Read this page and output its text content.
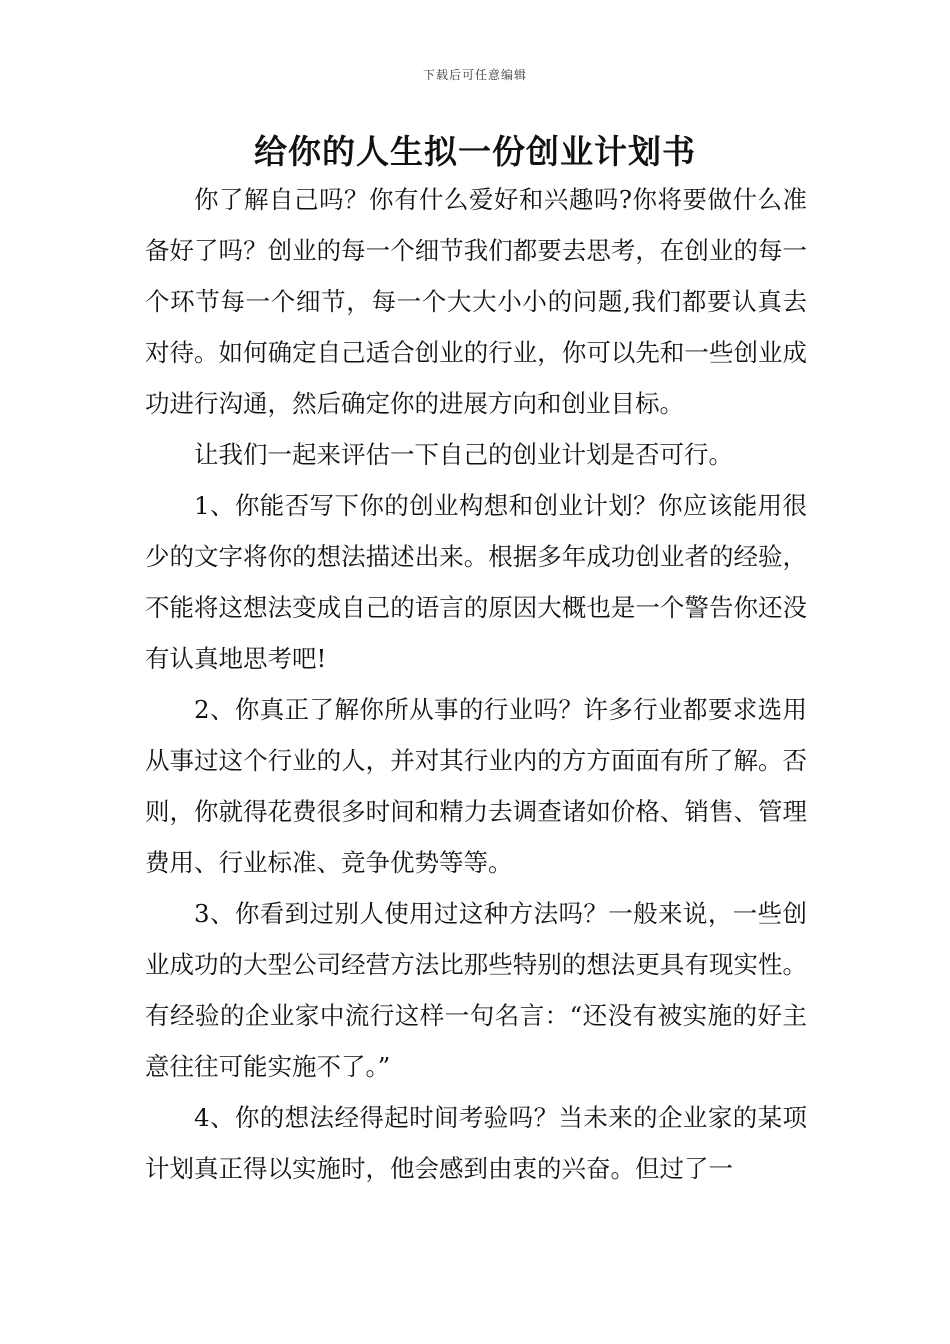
下载后可任意编辑
给你的人生拟一份创业计划书

你了解自己吗？你有什么爱好和兴趣吗?你将要做什么准备好了吗？创业的每一个细节我们都要去思考，在创业的每一个环节每一个细节，每一个大大小小的问题,我们都要认真去对待。如何确定自己适合创业的行业，你可以先和一些创业成功进行沟通，然后确定你的进展方向和创业目标。

让我们一起来评估一下自己的创业计划是否可行。

1、你能否写下你的创业构想和创业计划？你应该能用很少的文字将你的想法描述出来。根据多年成功创业者的经验，不能将这想法变成自己的语言的原因大概也是一个警告你还没有认真地思考吧!

2、你真正了解你所从事的行业吗？许多行业都要求选用从事过这个行业的人，并对其行业内的方方面面有所了解。否则，你就得花费很多时间和精力去调查诸如价格、销售、管理费用、行业标准、竞争优势等等。

3、你看到过别人使用过这种方法吗？一般来说，一些创业成功的大型公司经营方法比那些特别的想法更具有现实性。有经验的企业家中流行这样一句名言：“还没有被实施的好主意往往可能实施不了。”

4、你的想法经得起时间考验吗？当未来的企业家的某项计划真正得以实施时，他会感到由衷的兴奋。但过了一
